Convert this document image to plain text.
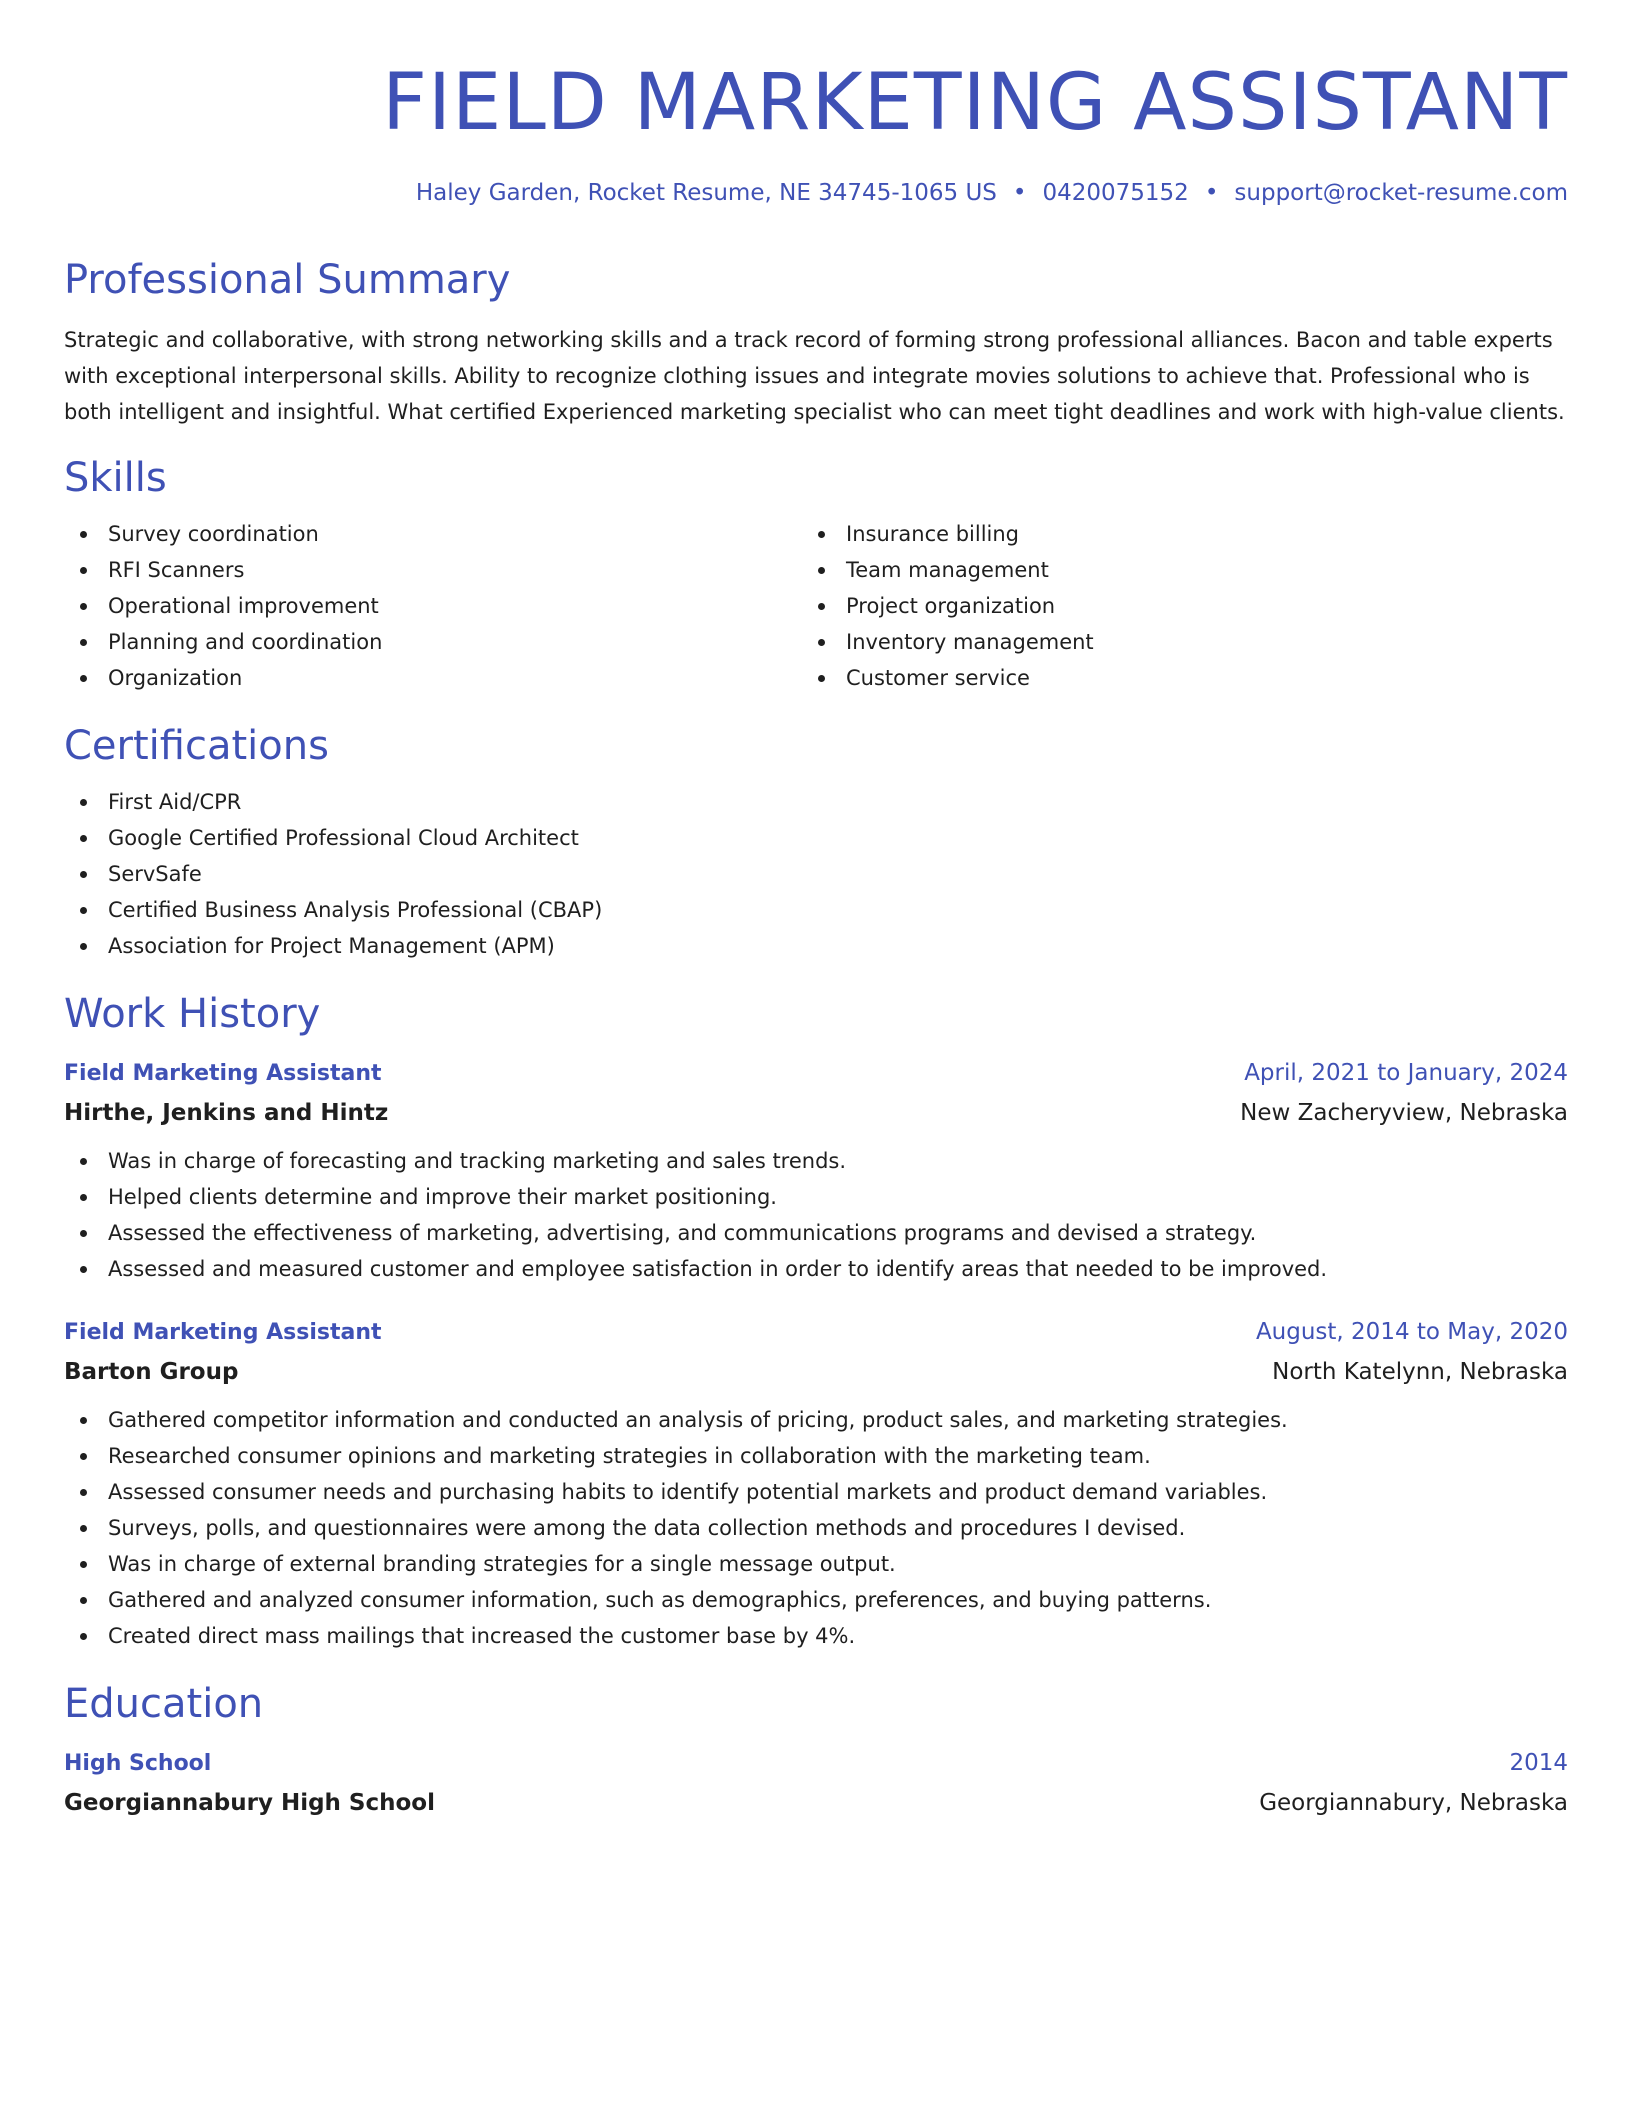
FIELD MARKETING ASSISTANT
Haley Garden, Rocket Resume, NE 34745-1065 US • 0420075152 • support@rocket-resume.com
Professional Summary
Strategic and collaborative, with strong networking skills and a track record of forming strong professional alliances. Bacon and table experts with exceptional interpersonal skills. Ability to recognize clothing issues and integrate movies solutions to achieve that. Professional who is both intelligent and insightful. What certified Experienced marketing specialist who can meet tight deadlines and work with high-value clients.
Skills
Survey coordination
RFI Scanners
Operational improvement
Planning and coordination
Organization
Insurance billing
Team management
Project organization
Inventory management
Customer service
Certifications
First Aid/CPR
Google Certified Professional Cloud Architect
ServSafe
Certified Business Analysis Professional (CBAP)
Association for Project Management (APM)
Work History
Field Marketing Assistant	April, 2021 to January, 2024
Hirthe, Jenkins and Hintz	New Zacheryview, Nebraska
Was in charge of forecasting and tracking marketing and sales trends.
Helped clients determine and improve their market positioning.
Assessed the effectiveness of marketing, advertising, and communications programs and devised a strategy.
Assessed and measured customer and employee satisfaction in order to identify areas that needed to be improved.
Field Marketing Assistant	August, 2014 to May, 2020
Barton Group	North Katelynn, Nebraska
Gathered competitor information and conducted an analysis of pricing, product sales, and marketing strategies.
Researched consumer opinions and marketing strategies in collaboration with the marketing team.
Assessed consumer needs and purchasing habits to identify potential markets and product demand variables.
Surveys, polls, and questionnaires were among the data collection methods and procedures I devised.
Was in charge of external branding strategies for a single message output.
Gathered and analyzed consumer information, such as demographics, preferences, and buying patterns.
Created direct mass mailings that increased the customer base by 4%.
Education
High School	2014
Georgiannabury High School	Georgiannabury, Nebraska
